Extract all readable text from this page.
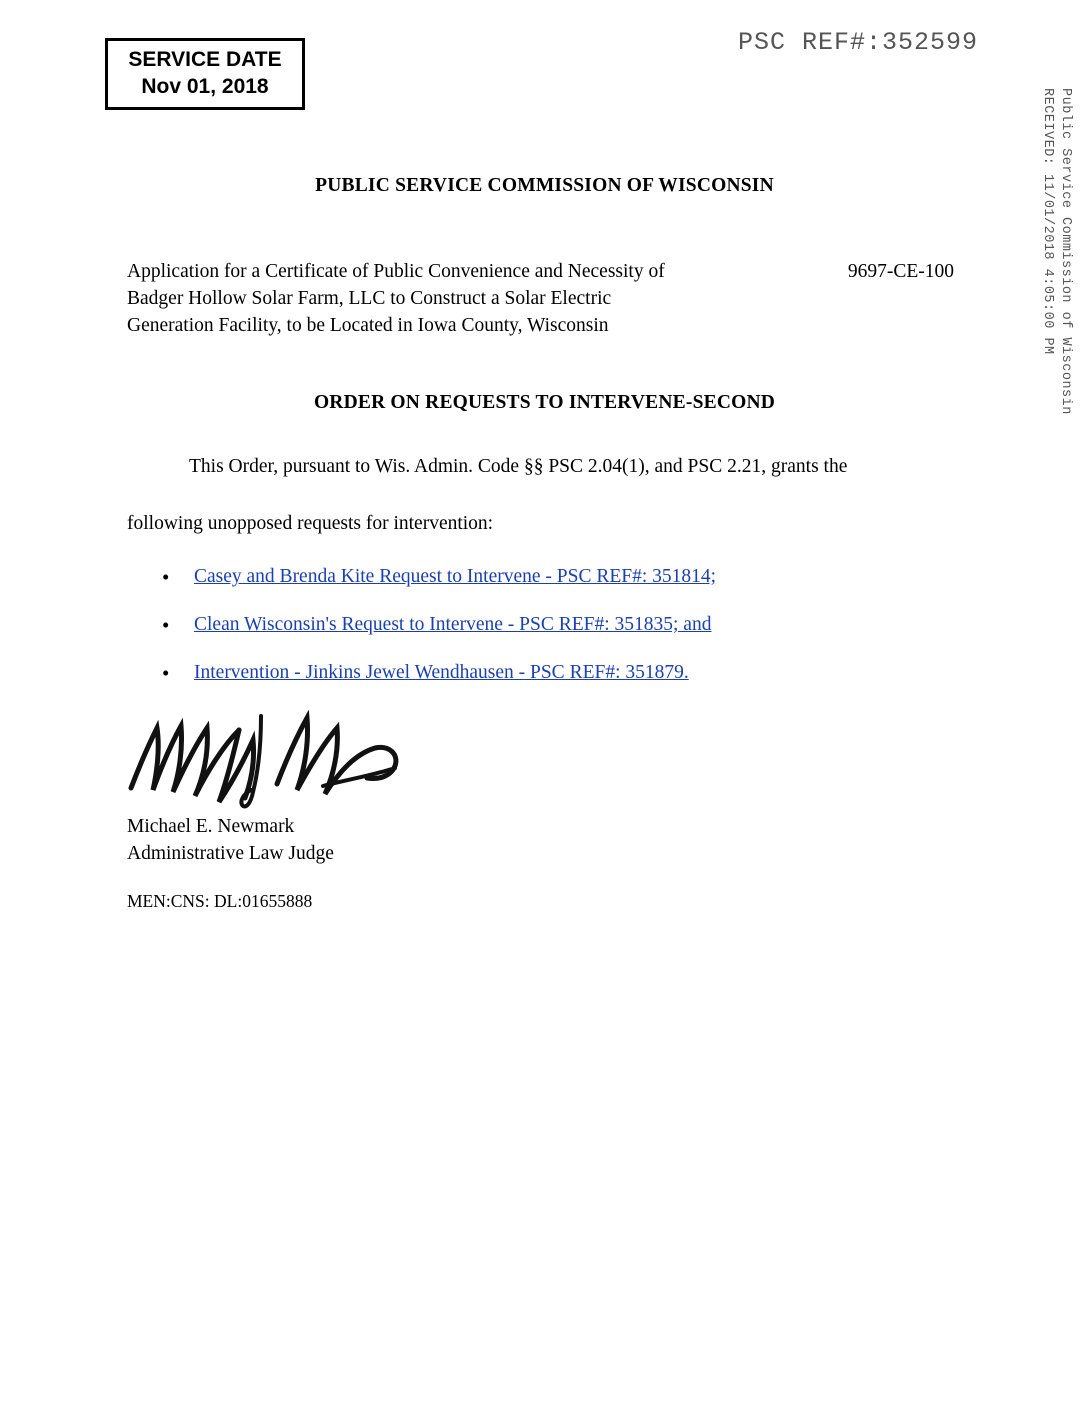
SERVICE DATE
Nov 01, 2018
PSC REF#:352599
Public Service Commission of Wisconsin
RECEIVED: 11/01/2018 4:05:00 PM
PUBLIC SERVICE COMMISSION OF WISCONSIN
Application for a Certificate of Public Convenience and Necessity of
Badger Hollow Solar Farm, LLC to Construct a Solar Electric
Generation Facility, to be Located in Iowa County, Wisconsin
9697-CE-100
ORDER ON REQUESTS TO INTERVENE-SECOND
This Order, pursuant to Wis. Admin. Code §§ PSC 2.04(1), and PSC 2.21, grants the
following unopposed requests for intervention:
• Casey and Brenda Kite Request to Intervene - PSC REF#: 351814;
• Clean Wisconsin's Request to Intervene - PSC REF#: 351835; and
• Intervention - Jinkins Jewel Wendhausen - PSC REF#: 351879.
Michael E. Newmark
Administrative Law Judge
MEN:CNS: DL:01655888
